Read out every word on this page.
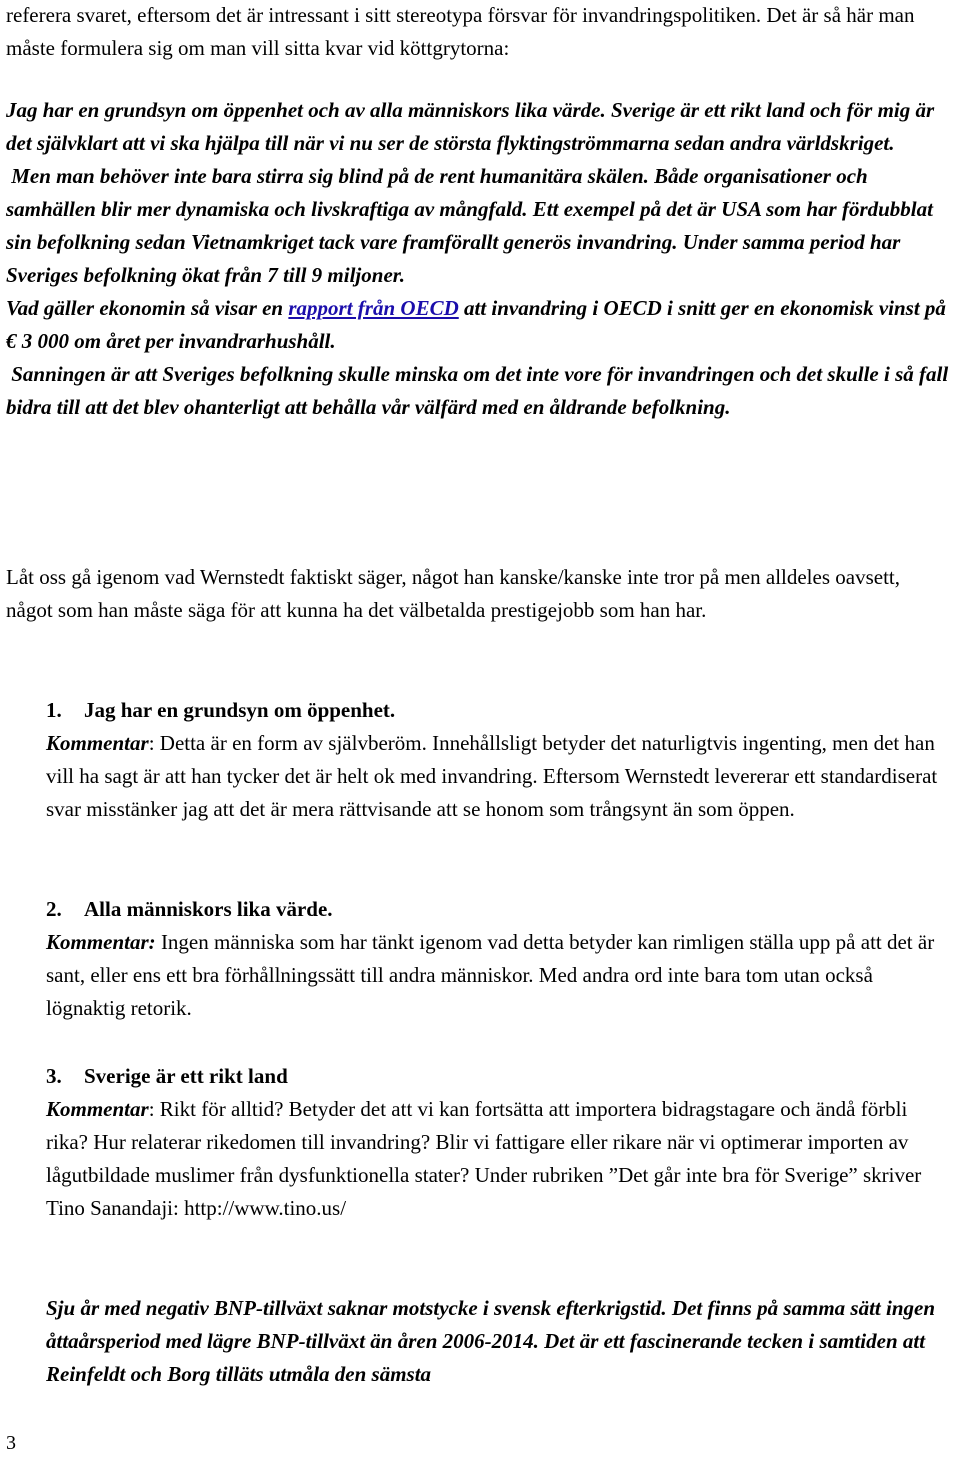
referera svaret, eftersom det är intressant i sitt stereotypa försvar för invandringspolitiken. Det är så här man måste formulera sig om man vill sitta kvar vid köttgrytorna:

Jag har en grundsyn om öppenhet och av alla människors lika värde. Sverige är ett rikt land och för mig är det självklart att vi ska hjälpa till när vi nu ser de största flyktingströmmarna sedan andra världskriget.

Men man behöver inte bara stirra sig blind på de rent humanitära skälen. Både organisationer och samhällen blir mer dynamiska och livskraftiga av mångfald. Ett exempel på det är USA som har fördubblat sin befolkning sedan Vietnamkriget tack vare framförallt generös invandring. Under samma period har Sveriges befolkning ökat från 7 till 9 miljoner.

Vad gäller ekonomin så visar en rapport från OECD att invandring i OECD i snitt ger en ekonomisk vinst på € 3 000 om året per invandrarhushåll.

Sanningen är att Sveriges befolkning skulle minska om det inte vore för invandringen och det skulle i så fall bidra till att det blev ohanterligt att behålla vår välfärd med en åldrande befolkning.

Låt oss gå igenom vad Wernstedt faktiskt säger, något han kanske/kanske inte tror på men alldeles oavsett, något som han måste säga för att kunna ha det välbetalda prestigejobb som han har.

1. Jag har en grundsyn om öppenhet.

Kommentar: Detta är en form av självberöm. Innehållsligt betyder det naturligtvis ingenting, men det han vill ha sagt är att han tycker det är helt ok med invandring. Eftersom Wernstedt levererar ett standardiserat svar misstänker jag att det är mera rättvisande att se honom som trångsynt än som öppen.

2. Alla människors lika värde.

Kommentar: Ingen människa som har tänkt igenom vad detta betyder kan rimligen ställa upp på att det är sant, eller ens ett bra förhållningssätt till andra människor. Med andra ord inte bara tom utan också lögnaktig retorik.

3. Sverige är ett rikt land

Kommentar: Rikt för alltid? Betyder det att vi kan fortsätta att importera bidragstagare och ändå förbli rika? Hur relaterar rikedomen till invandring? Blir vi fattigare eller rikare när vi optimerar importen av lågutbildade muslimer från dysfunktionella stater? Under rubriken ”Det går inte bra för Sverige” skriver Tino Sanandaji: http://www.tino.us/

Sju år med negativ BNP-tillväxt saknar motstycke i svensk efterkrigstid. Det finns på samma sätt ingen åttaårsperiod med lägre BNP-tillväxt än åren 2006-2014. Det är ett fascinerande tecken i samtiden att Reinfeldt och Borg tilläts utmåla den sämsta

3
